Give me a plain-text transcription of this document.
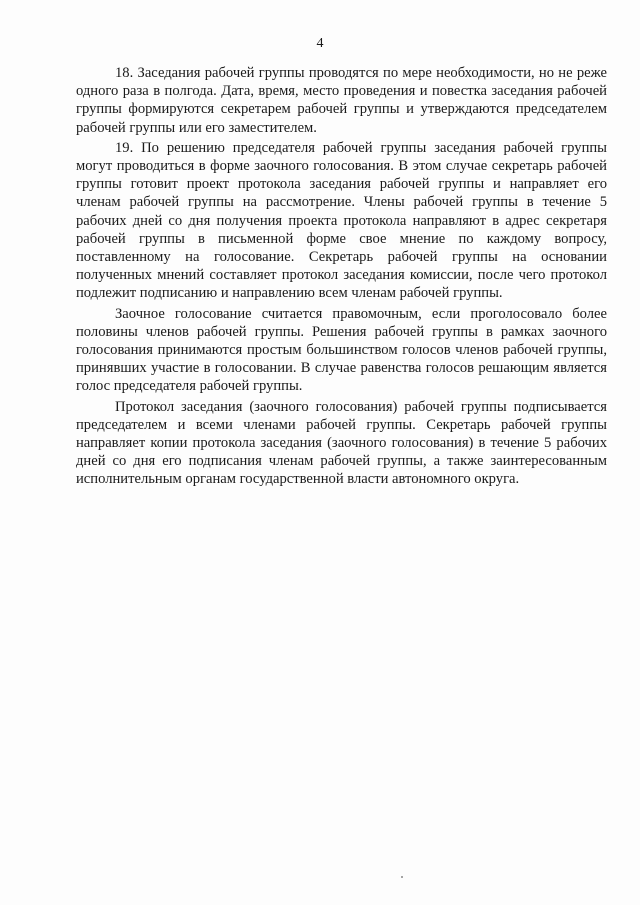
4

18. Заседания рабочей группы проводятся по мере необходимости, но не реже одного раза в полгода. Дата, время, место проведения и повестка заседания рабочей группы формируются секретарем рабочей группы и утверждаются председателем рабочей группы или его заместителем.

19. По решению председателя рабочей группы заседания рабочей группы могут проводиться в форме заочного голосования. В этом случае секретарь рабочей группы готовит проект протокола заседания рабочей группы и направляет его членам рабочей группы на рассмотрение. Члены рабочей группы в течение 5 рабочих дней со дня получения проекта протокола направляют в адрес секретаря рабочей группы в письменной форме свое мнение по каждому вопросу, поставленному на голосование. Секретарь рабочей группы на основании полученных мнений составляет протокол заседания комиссии, после чего протокол подлежит подписанию и направлению всем членам рабочей группы.

Заочное голосование считается правомочным, если проголосовало более половины членов рабочей группы. Решения рабочей группы в рамках заочного голосования принимаются простым большинством голосов членов рабочей группы, принявших участие в голосовании. В случае равенства голосов решающим является голос председателя рабочей группы.

Протокол заседания (заочного голосования) рабочей группы подписывается председателем и всеми членами рабочей группы. Секретарь рабочей группы направляет копии протокола заседания (заочного голосования) в течение 5 рабочих дней со дня его подписания членам рабочей группы, а также заинтересованным исполнительным органам государственной власти автономного округа.
